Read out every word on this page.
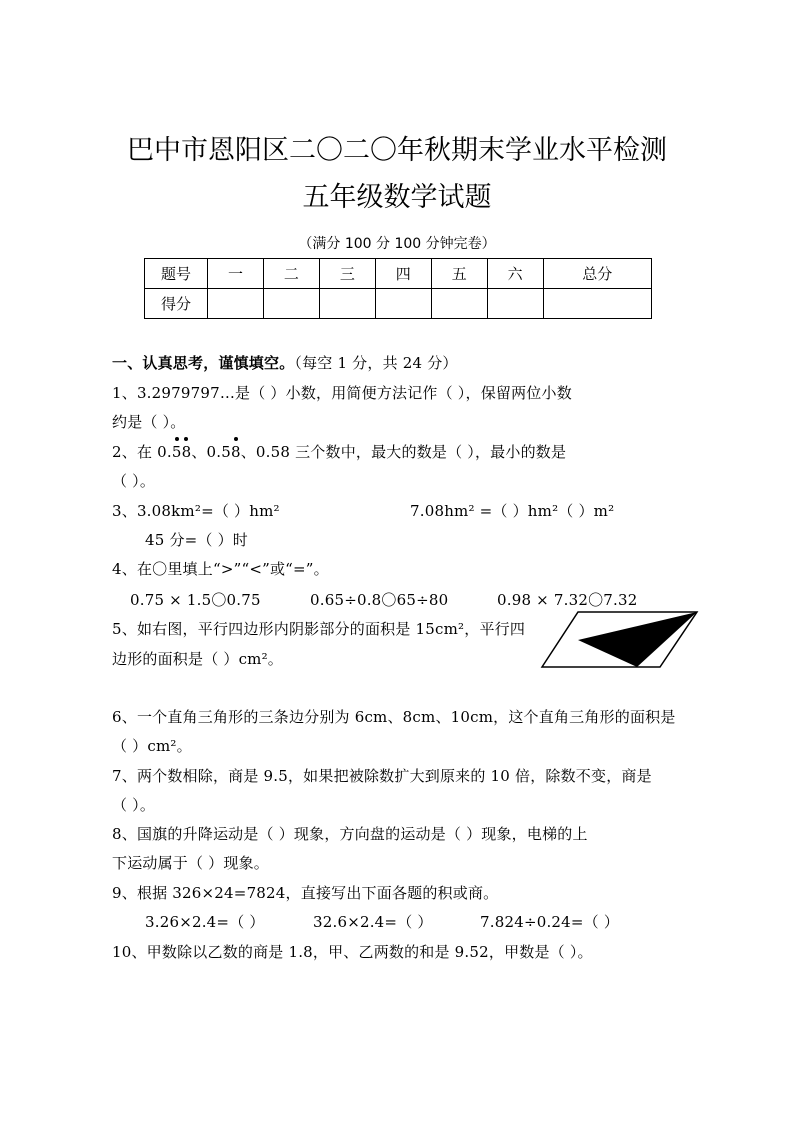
巴中市恩阳区二〇二〇年秋期末学业水平检测
五年级数学试题
（满分 100 分 100 分钟完卷）
题号	一	二	三	四	五	六	总分
得分							
一、认真思考，谨慎填空。（每空 1 分，共 24 分）
1、3.2979797…是（ ）小数，用简便方法记作（ ），保留两位小数
约是（ ）。
2、在 0.
5
8、0.5
8、0.58 三个数中，最大的数是（ ），最小的数是
（ ）。
3、3.08km²=（ ）hm²	7.08hm² =（ ）hm²（ ）m²
45 分=（ ）时
4、在〇里填上“>”“<”或“=”。
0.75 × 1.5〇0.75	0.65÷0.8〇65÷80	0.98 × 7.32〇7.32
5、如右图，平行四边形内阴影部分的面积是 15cm²，平行四
边形的面积是（ ）cm²。
6、一个直角三角形的三条边分别为 6cm、8cm、10cm，这个直角三角形的面积是
（ ）cm²。
7、两个数相除，商是 9.5，如果把被除数扩大到原来的 10 倍，除数不变，商是
（ ）。
8、国旗的升降运动是（ ）现象，方向盘的运动是（ ）现象，电梯的上
下运动属于（ ）现象。
9、根据 326×24=7824，直接写出下面各题的积或商。
3.26×2.4=（ ）	32.6×2.4=（ ）	7.824÷0.24=（ ）
10、甲数除以乙数的商是 1.8，甲、乙两数的和是 9.52，甲数是（ ）。
